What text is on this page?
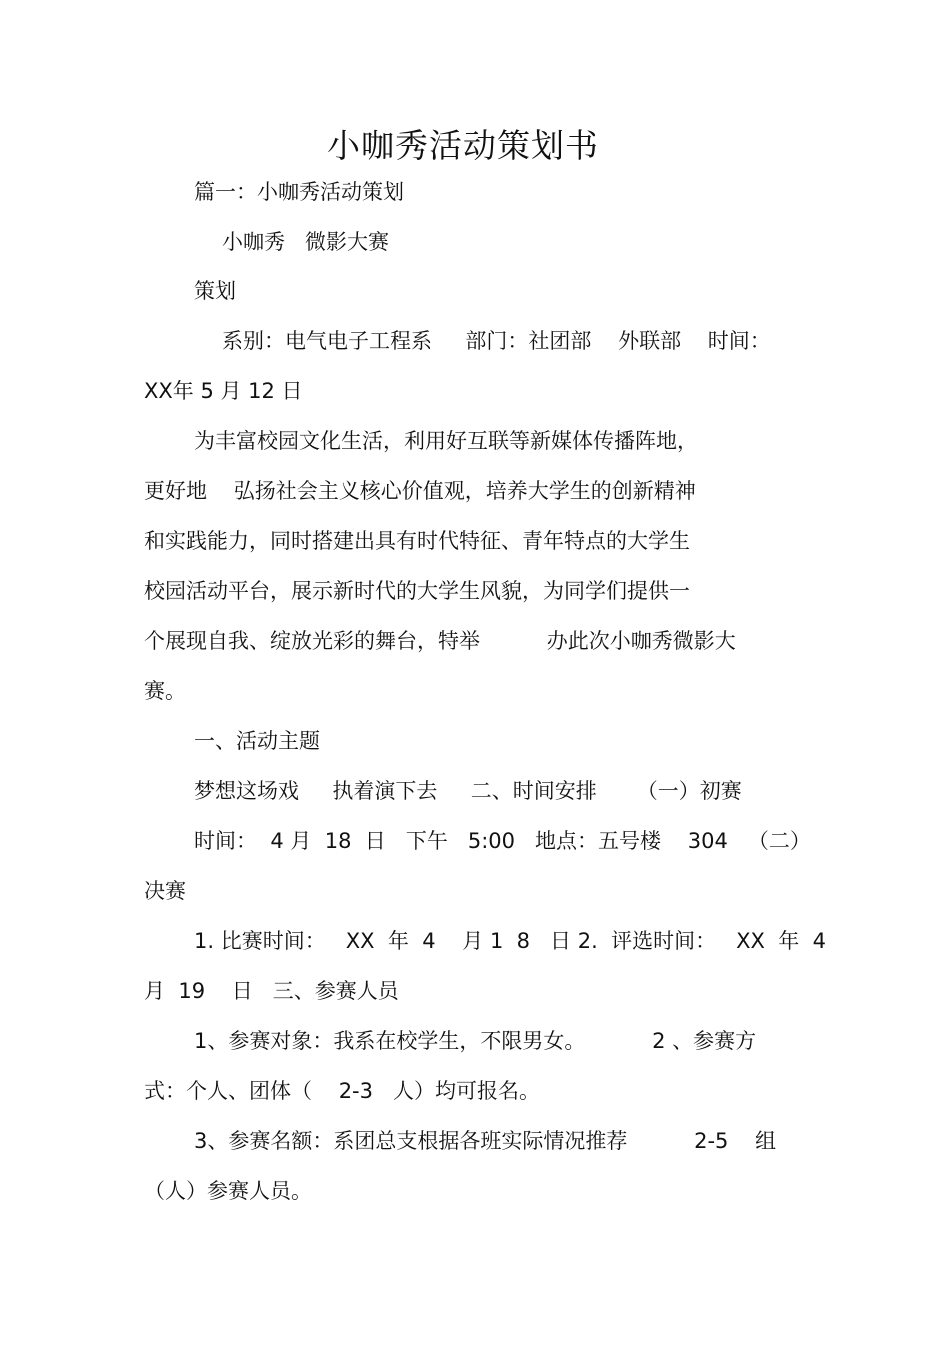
小咖秀活动策划书
篇一：小咖秀活动策划
小咖秀   微影大赛
策划
系别：电气电子工程系     部门：社团部    外联部    时间：
XX年 5 月 12 日
为丰富校园文化生活，利用好互联等新媒体传播阵地，
更好地    弘扬社会主义核心价值观，培养大学生的创新精神
和实践能力，同时搭建出具有时代特征、青年特点的大学生
校园活动平台，展示新时代的大学生风貌，为同学们提供一
个展现自我、绽放光彩的舞台，特举          办此次小咖秀微影大
赛。
一、活动主题
梦想这场戏     执着演下去     二、时间安排      （一）初赛
时间：  4 月  18  日   下午   5:00   地点：五号楼    304   （二）
决赛
1. 比赛时间：   XX  年  4    月 1  8   日 2.  评选时间：   XX  年  4
月  19    日   三、参赛人员
1、参赛对象：我系在校学生，不限男女。          2 、参赛方
式：个人、团体（    2-3   人）均可报名。
3、参赛名额：系团总支根据各班实际情况推荐          2-5    组
（人）参赛人员。
